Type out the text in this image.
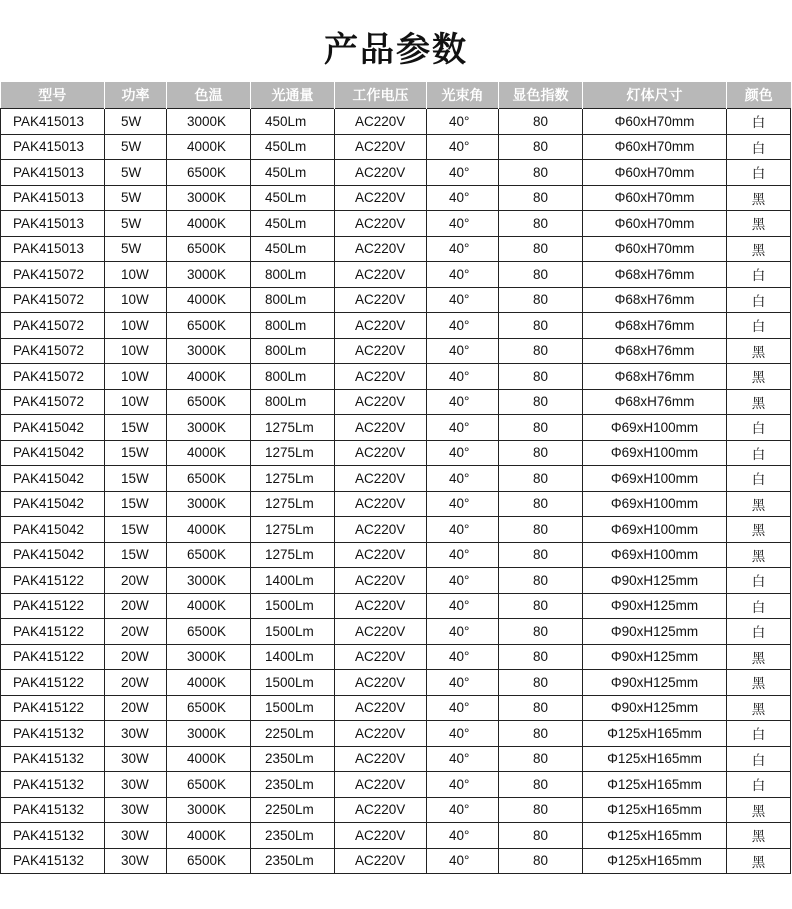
产品参数
型号	功率	色温	光通量	工作电压	光束角	显色指数	灯体尺寸	颜色
PAK415013	5W	3000K	450Lm	AC220V	40°	80	Φ60xH70mm	白
PAK415013	5W	4000K	450Lm	AC220V	40°	80	Φ60xH70mm	白
PAK415013	5W	6500K	450Lm	AC220V	40°	80	Φ60xH70mm	白
PAK415013	5W	3000K	450Lm	AC220V	40°	80	Φ60xH70mm	黑
PAK415013	5W	4000K	450Lm	AC220V	40°	80	Φ60xH70mm	黑
PAK415013	5W	6500K	450Lm	AC220V	40°	80	Φ60xH70mm	黑
PAK415072	10W	3000K	800Lm	AC220V	40°	80	Φ68xH76mm	白
PAK415072	10W	4000K	800Lm	AC220V	40°	80	Φ68xH76mm	白
PAK415072	10W	6500K	800Lm	AC220V	40°	80	Φ68xH76mm	白
PAK415072	10W	3000K	800Lm	AC220V	40°	80	Φ68xH76mm	黑
PAK415072	10W	4000K	800Lm	AC220V	40°	80	Φ68xH76mm	黑
PAK415072	10W	6500K	800Lm	AC220V	40°	80	Φ68xH76mm	黑
PAK415042	15W	3000K	1275Lm	AC220V	40°	80	Φ69xH100mm	白
PAK415042	15W	4000K	1275Lm	AC220V	40°	80	Φ69xH100mm	白
PAK415042	15W	6500K	1275Lm	AC220V	40°	80	Φ69xH100mm	白
PAK415042	15W	3000K	1275Lm	AC220V	40°	80	Φ69xH100mm	黑
PAK415042	15W	4000K	1275Lm	AC220V	40°	80	Φ69xH100mm	黑
PAK415042	15W	6500K	1275Lm	AC220V	40°	80	Φ69xH100mm	黑
PAK415122	20W	3000K	1400Lm	AC220V	40°	80	Φ90xH125mm	白
PAK415122	20W	4000K	1500Lm	AC220V	40°	80	Φ90xH125mm	白
PAK415122	20W	6500K	1500Lm	AC220V	40°	80	Φ90xH125mm	白
PAK415122	20W	3000K	1400Lm	AC220V	40°	80	Φ90xH125mm	黑
PAK415122	20W	4000K	1500Lm	AC220V	40°	80	Φ90xH125mm	黑
PAK415122	20W	6500K	1500Lm	AC220V	40°	80	Φ90xH125mm	黑
PAK415132	30W	3000K	2250Lm	AC220V	40°	80	Φ125xH165mm	白
PAK415132	30W	4000K	2350Lm	AC220V	40°	80	Φ125xH165mm	白
PAK415132	30W	6500K	2350Lm	AC220V	40°	80	Φ125xH165mm	白
PAK415132	30W	3000K	2250Lm	AC220V	40°	80	Φ125xH165mm	黑
PAK415132	30W	4000K	2350Lm	AC220V	40°	80	Φ125xH165mm	黑
PAK415132	30W	6500K	2350Lm	AC220V	40°	80	Φ125xH165mm	黑
